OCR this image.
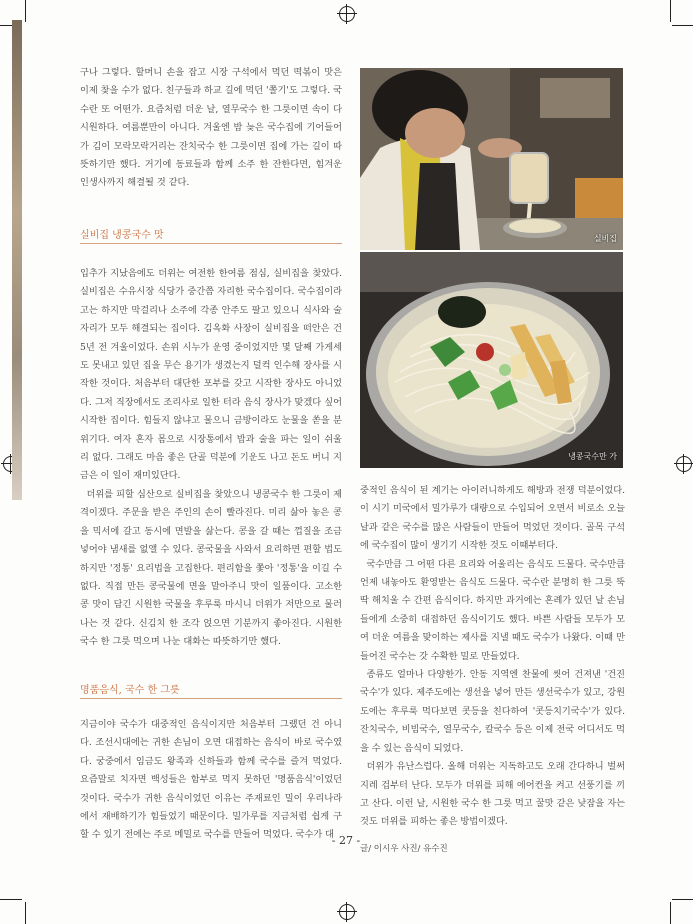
구나 그렇다. 할머니 손을 잡고 시장 구석에서 먹던 떡볶이 맛은 이제 찾을 수가 없다. 친구들과 하교 길에 먹던 '쫄기'도 그렇다. 국수란 또 어떤가. 요즘처럼 더운 날, 열무국수 한 그릇이면 속이 다 시원하다. 여름뿐만이 아니다. 겨울엔 밤 늦은 국수집에 기어들어가 김이 모락모락거리는 잔치국수 한 그릇이면 집에 가는 길이 따뜻하기만 했다. 거기에 동료들과 함께 소주 한 잔한다면, 힘겨운 인생사까지 해결될 것 같다.

실비집 냉콩국수 맛

입추가 지났음에도 더위는 여전한 한여름 점심, 실비집을 찾았다. 실비집은 수유시장 식당가 중간쯤 자리한 국수집이다. 국수집이라고는 하지만 막걸리나 소주에 각종 안주도 팔고 있으니 식사와 술자리가 모두 해결되는 집이다. 김옥화 사장이 실비집을 떠안은 건 5년 전 겨울이었다. 손위 시누가 운영 중이었지만 몇 달째 가게세도 못내고 있던 집을 무슨 용기가 생겼는지 덜컥 인수해 장사를 시작한 것이다. 처음부터 대단한 포부를 갖고 시작한 장사도 아니었다. 그저 직장에서도 조리사로 일한 터라 음식 장사가 맞겠다 싶어 시작한 집이다. 힘들지 않냐고 물으니 금방이라도 눈물을 쏟을 분위기다. 여자 혼자 몸으로 시장통에서 밥과 술을 파는 일이 쉬울 리 없다. 그래도 마음 좋은 단골 덕분에 기운도 나고 돈도 버니 지금은 이 일이 재미있단다.

더위를 피할 심산으로 실비집을 찾았으니 냉콩국수 한 그릇이 제격이겠다. 주문을 받은 주인의 손이 빨라진다. 미리 삶아 놓은 콩을 믹서에 갈고 동시에 면발을 삶는다. 콩을 갈 때는 껍질을 조금 넣어야 냄새를 없앨 수 있다. 콩국물을 사와서 요리하면 편할 법도 하지만 '정통' 요리법을 고집한다. 편리함을 쫓아 '정통'을 이길 수 없다. 직접 만든 콩국물에 면을 말아주니 맛이 일품이다. 고소한 콩 맛이 담긴 시원한 국물을 후루룩 마시니 더위가 저만으로 물러나는 것 같다. 신김치 한 조각 얹으면 기분까지 좋아진다. 시원한 국수 한 그릇 먹으며 나눈 대화는 따뜻하기만 했다.

명품음식, 국수 한 그릇

지금이야 국수가 대중적인 음식이지만 처음부터 그랬던 건 아니다. 조선시대에는 귀한 손님이 오면 대접하는 음식이 바로 국수였다. 궁중에서 임금도 왕족과 신하들과 함께 국수를 즐겨 먹었다. 요즘말로 치자면 백성들은 함부로 먹지 못하던 '명품음식'이었던 것이다. 국수가 귀한 음식이었던 이유는 주재료인 밀이 우리나라에서 재배하기가 힘들었기 때문이다. 밀가루를 지금처럼 쉽게 구할 수 있기 전에는 주로 메밀로 국수를 만들어 먹었다. 국수가 대

실비집
냉콩국수만 가

중적인 음식이 된 계기는 아이러니하게도 해방과 전쟁 덕분이었다. 이 시기 미국에서 밀가루가 대량으로 수입되어 오면서 비로소 오늘날과 같은 국수를 많은 사람들이 만들어 먹었던 것이다. 골목 구석에 국수집이 많이 생기기 시작한 것도 이때부터다.

국수만큼 그 어떤 다른 요리와 어울리는 음식도 드물다. 국수만큼 언제 내놓아도 환영받는 음식도 드물다. 국수란 분명히 한 그릇 뚝딱 해치울 수 간편 음식이다. 하지만 과거에는 혼례가 있던 날 손님들에게 소중히 대접하던 음식이기도 했다. 바쁜 사람들 모두가 모여 더운 여름을 맞이하는 제사를 지낼 때도 국수가 나왔다. 이때 만들어진 국수는 갓 수확한 밀로 만들었다.

종류도 얼마나 다양한가. 안동 지역엔 찬물에 씻어 건져낸 '건진국수'가 있다. 제주도에는 생선을 넣어 만든 생선국수가 있고, 강원도에는 후루룩 먹다보면 콧등을 친다하여 '콧등치기국수'가 있다. 잔치국수, 비빔국수, 열무국수, 칼국수 등은 이제 전국 어디서도 먹을 수 있는 음식이 되었다.

더위가 유난스럽다. 올해 더위는 지독하고도 오래 간다하니 벌써 지레 겁부터 난다. 모두가 더위를 피해 에어컨을 켜고 선풍기를 끼고 산다. 이런 날, 시원한 국수 한 그릇 먹고 꿀맛 같은 낮잠을 자는 것도 더위를 피하는 좋은 방법이겠다.

글/ 이시우 사진/ 유수진
- 27 -
